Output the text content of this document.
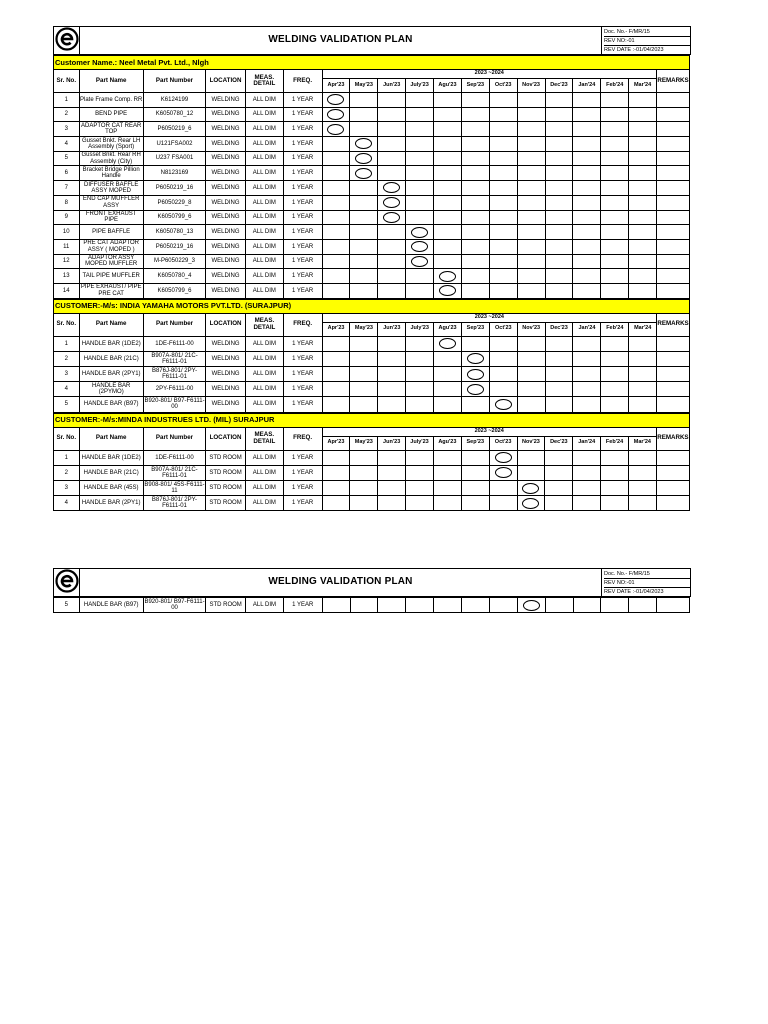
	WELDING VALIDATION PLAN	
Doc. No.- F/MR/15
REV NO:-01
REV DATE :-01/04/2023
Customer Name.: Neel Metal Pvt. Ltd., Nlgh																		
Sr. No.	Part Name	Part Number	LOCATION	MEAS. DETAIL	FREQ.	2023 ~2024												REMARKS
						Apr'23	May'23	Jun'23	July'23	Agu'23	Sep'23	Oct'23	Nov'23	Dec'23	Jan'24	Feb'24	Mar'24	
1	Plate Frame Comp. RR	K6124199	WELDING	ALL DIM	1 YEAR													
2	BEND PIPE	K6050780_12	WELDING	ALL DIM	1 YEAR													
3	ADAPTOR CAT REAR TOP	P6050219_6	WELDING	ALL DIM	1 YEAR													
4	Gusset Bnkt. Rear LH Assembly (Sport)	U121FSA002	WELDING	ALL DIM	1 YEAR													
5	Gusset Bnkt. Rear RH Assembly (City)	U237 FSA001	WELDING	ALL DIM	1 YEAR													
6	Bracket Bridge Pillion Handle	N8123169	WELDING	ALL DIM	1 YEAR													
7	DIFFUSER BAFFLE ASSY MOPED	P6050219_16	WELDING	ALL DIM	1 YEAR													
8	END CAP MUFFLER ASSY	P6050229_8	WELDING	ALL DIM	1 YEAR													
9	FRONT EXHAUST PIPE	K6050799_6	WELDING	ALL DIM	1 YEAR													
10	PIPE BAFFLE	K6050780_13	WELDING	ALL DIM	1 YEAR													
11	PRE CAT ADAPTOR ASSY ( MOPED )	P6050219_16	WELDING	ALL DIM	1 YEAR													
12	ADAPTOR ASSY MOPED MUFFLER	M-P6050229_3	WELDING	ALL DIM	1 YEAR													
13	TAIL PIPE MUFFLER	K6050780_4	WELDING	ALL DIM	1 YEAR													
14	PIPE EXHAUST/ PIPE PRE CAT	K6050799_6	WELDING	ALL DIM	1 YEAR													
CUSTOMER:-M/s: INDIA YAMAHA MOTORS PVT.LTD. (SURAJPUR)																		
Sr. No.	Part Name	Part Number	LOCATION	MEAS. DETAIL	FREQ.	2023 ~2024												REMARKS
						Apr'23	May'23	Jun'23	July'23	Agu'23	Sep'23	Oct'23	Nov'23	Dec'23	Jan'24	Feb'24	Mar'24	
1	HANDLE BAR (1DE2)	1DE-F6111-00	WELDING	ALL DIM	1 YEAR													
2	HANDLE BAR (21C)	B907A-801/ 21C-F6111-01	WELDING	ALL DIM	1 YEAR													
3	HANDLE BAR (2PY1)	B876J-801/ 2PY-F6111-01	WELDING	ALL DIM	1 YEAR													
4	HANDLE BAR (2PYMO)	2PY-F6111-00	WELDING	ALL DIM	1 YEAR													
5	HANDLE BAR (B97)	B920-801/ B97-F6111-00	WELDING	ALL DIM	1 YEAR													
CUSTOMER:-M/s:MINDA INDUSTRUES LTD. (MIL) SURAJPUR																		
Sr. No.	Part Name	Part Number	LOCATION	MEAS. DETAIL	FREQ.	2023 ~2024												REMARKS
						Apr'23	May'23	Jun'23	July'23	Agu'23	Sep'23	Oct'23	Nov'23	Dec'23	Jan'24	Feb'24	Mar'24	
1	HANDLE BAR (1DE2)	1DE-F6111-00	STD ROOM	ALL DIM	1 YEAR													
2	HANDLE BAR (21C)	B907A-801/ 21C-F6111-01	STD ROOM	ALL DIM	1 YEAR													
3	HANDLE BAR (45S)	B908-801/ 45S-F6111-11	STD ROOM	ALL DIM	1 YEAR													
4	HANDLE BAR (2PY1)	B876J-801/ 2PY-F6111-01	STD ROOM	ALL DIM	1 YEAR													
	WELDING VALIDATION PLAN	
Doc. No.- F/MR/15
REV NO:-01
REV DATE :-01/04/2023
5	HANDLE BAR (B97)	B920-801/ B97-F6111-00	STD ROOM	ALL DIM	1 YEAR													
